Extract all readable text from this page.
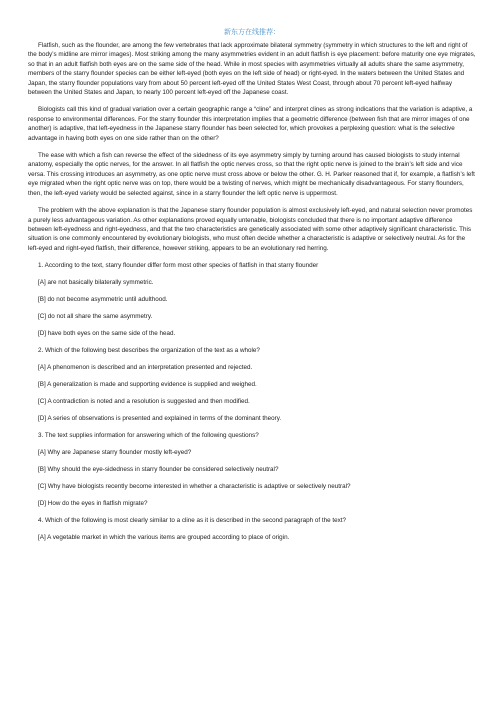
新东方在线推荐：

Flatfish, such as the flounder, are among the few vertebrates that lack approximate bilateral symmetry (symmetry in which structures to the left and right of the body’s midline are mirror images). Most striking among the many asymmetries evident in an adult flatfish is eye placement: before maturity one eye migrates, so that in an adult flatfish both eyes are on the same side of the head. While in most species with asymmetries virtually all adults share the same asymmetry, members of the starry flounder species can be either left-eyed (both eyes on the left side of head) or right-eyed. In the waters between the United States and Japan, the starry flounder populations vary from about 50 percent left-eyed off the United States West Coast, through about 70 percent left-eyed halfway between the United States and Japan, to nearly 100 percent left-eyed off the Japanese coast.

Biologists call this kind of gradual variation over a certain geographic range a “cline” and interpret clines as strong indications that the variation is adaptive, a response to environmental differences. For the starry flounder this interpretation implies that a geometric difference (between fish that are mirror images of one another) is adaptive, that left-eyedness in the Japanese starry flounder has been selected for, which provokes a perplexing question: what is the selective advantage in having both eyes on one side rather than on the other?

The ease with which a fish can reverse the effect of the sidedness of its eye asymmetry simply by turning around has caused biologists to study internal anatomy, especially the optic nerves, for the answer. In all flatfish the optic nerves cross, so that the right optic nerve is joined to the brain’s left side and vice versa. This crossing introduces an asymmetry, as one optic nerve must cross above or below the other. G. H. Parker reasoned that if, for example, a flatfish’s left eye migrated when the right optic nerve was on top, there would be a twisting of nerves, which might be mechanically disadvantageous. For starry flounders, then, the left-eyed variety would be selected against, since in a starry flounder the left optic nerve is uppermost.

The problem with the above explanation is that the Japanese starry flounder population is almost exclusively left-eyed, and natural selection never promotes a purely less advantageous variation. As other explanations proved equally untenable, biologists concluded that there is no important adaptive difference between left-eyedness and right-eyedness, and that the two characteristics are genetically associated with some other adaptively significant characteristic. This situation is one commonly encountered by evolutionary biologists, who must often decide whether a characteristic is adaptive or selectively neutral. As for the left-eyed and right-eyed flatfish, their difference, however striking, appears to be an evolutionary red herring.

1. According to the text, starry flounder differ form most other species of flatfish in that starry flounder

[A] are not basically bilaterally symmetric.

[B] do not become asymmetric until adulthood.

[C] do not all share the same asymmetry.

[D] have both eyes on the same side of the head.

2. Which of the following best describes the organization of the text as a whole?

[A] A phenomenon is described and an interpretation presented and rejected.

[B] A generalization is made and supporting evidence is supplied and weighed.

[C] A contradiction is noted and a resolution is suggested and then modified.

[D] A series of observations is presented and explained in terms of the dominant theory.

3. The text supplies information for answering which of the following questions?

[A] Why are Japanese starry flounder mostly left-eyed?

[B] Why should the eye-sidedness in starry flounder be considered selectively neutral?

[C] Why have biologists recently become interested in whether a characteristic is adaptive or selectively neutral?

[D] How do the eyes in flatfish migrate?

4. Which of the following is most clearly similar to a cline as it is described in the second paragraph of the text?

[A] A vegetable market in which the various items are grouped according to place of origin.
